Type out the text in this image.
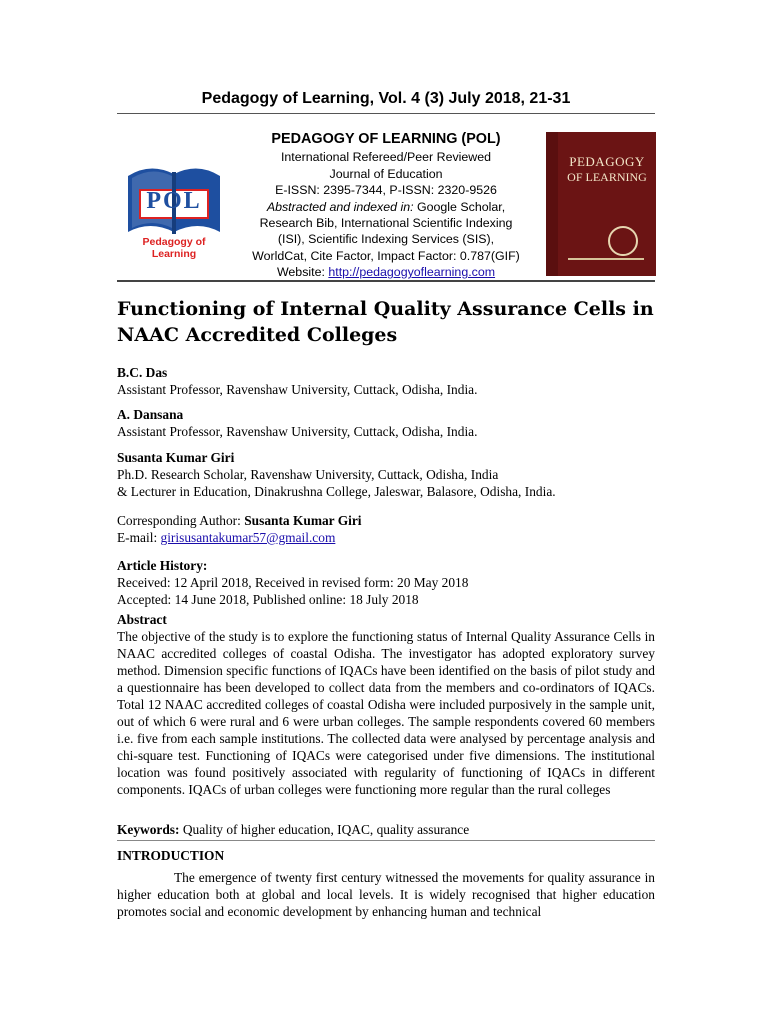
Pedagogy of Learning, Vol. 4 (3) July 2018, 21-31
POL
Pedagogy of Learning
PEDAGOGY OF LEARNING (POL)
International Refereed/Peer Reviewed
Journal of Education
E-ISSN: 2395-7344, P-ISSN: 2320-9526
Abstracted and indexed in: Google Scholar,
Research Bib, International Scientific Indexing
(ISI), Scientific Indexing Services (SIS),
WorldCat, Cite Factor, Impact Factor: 0.787(GIF)
Website: http://pedagogyoflearning.com
PEDAGOGY
OF LEARNING
Functioning of Internal Quality Assurance Cells in
NAAC Accredited Colleges
B.C. Das
Assistant Professor, Ravenshaw University, Cuttack, Odisha, India.
A. Dansana
Assistant Professor, Ravenshaw University, Cuttack, Odisha, India.
Susanta Kumar Giri
Ph.D. Research Scholar, Ravenshaw University, Cuttack, Odisha, India
& Lecturer in Education, Dinakrushna College, Jaleswar, Balasore, Odisha, India.
Corresponding Author: Susanta Kumar Giri
E-mail: girisusantakumar57@gmail.com
Article History:
Received: 12 April 2018, Received in revised form: 20 May 2018
Accepted: 14 June 2018, Published online: 18 July 2018
Abstract
The objective of the study is to explore the functioning status of Internal Quality Assurance Cells in NAAC accredited colleges of coastal Odisha. The investigator has adopted exploratory survey method. Dimension specific functions of IQACs have been identified on the basis of pilot study and a questionnaire has been developed to collect data from the members and co-ordinators of IQACs. Total 12 NAAC accredited colleges of coastal Odisha were included purposively in the sample unit, out of which 6 were rural and 6 were urban colleges. The sample respondents covered 60 members i.e. five from each sample institutions. The collected data were analysed by percentage analysis and chi-square test. Functioning of IQACs were categorised under five dimensions. The institutional location was found positively associated with regularity of functioning of IQACs in different components. IQACs of urban colleges were functioning more regular than the rural colleges
Keywords: Quality of higher education, IQAC, quality assurance
INTRODUCTION
The emergence of twenty first century witnessed the movements for quality assurance in higher education both at global and local levels. It is widely recognised that higher education promotes social and economic development by enhancing human and technical
